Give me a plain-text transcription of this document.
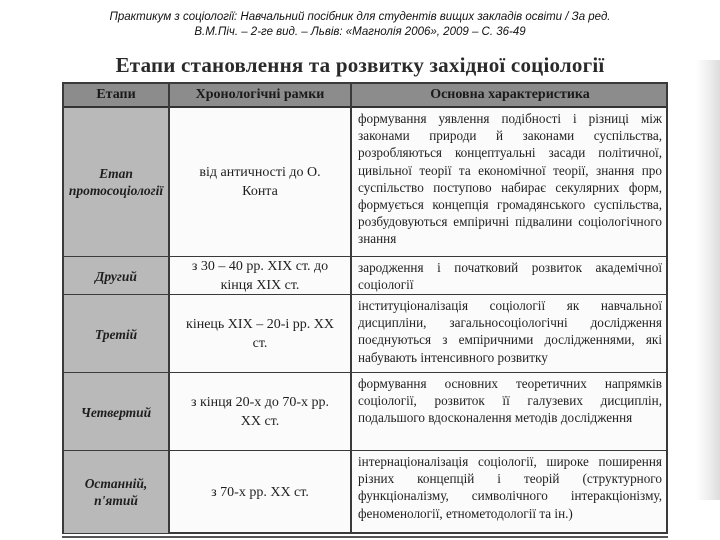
Практикум з соціології: Навчальний посібник для студентів вищих закладів освіти / За ред.
В.М.Піч. – 2-ге вид. – Львів: «Магнолія 2006», 2009 – С. 36-49
Етапи становлення та розвитку західної соціології
Етапи	Хронологічні рамки	Основна характеристика
Етап протосоціології
від античності до О. Конта
формування уявлення подібності і різниці між законами природи й законами суспільства, розробляються концептуальні засади політичної, цивільної теорії та економічної теорії, знання про суспільство поступово набирає секулярних форм, формується концепція громадянського суспільства, розбудовуються емпіричні підвалини соціологічного знання
Другий
з 30 – 40 рр. ХІХ ст. до кінця ХІХ ст.
зародження і початковий розвиток академічної соціології
Третій
кінець ХІХ – 20-і рр. ХХ ст.
інституціоналізація соціології як навчальної дисципліни, загальносоціологічні дослідження поєднуються з емпіричними дослідженнями, які набувають інтенсивного розвитку
Четвертий
з кінця 20-х до 70-х рр. ХХ ст.
формування основних теоретичних напрямків соціології, розвиток її галузевих дисциплін, подальшого вдосконалення методів дослідження
Останній, п'ятий
з 70-х рр. ХХ ст.
інтернаціоналізація соціології, широке поширення різних концепцій і теорій (структурного функціоналізму, символічного інтеракціонізму, феноменології, етнометодології та ін.)
